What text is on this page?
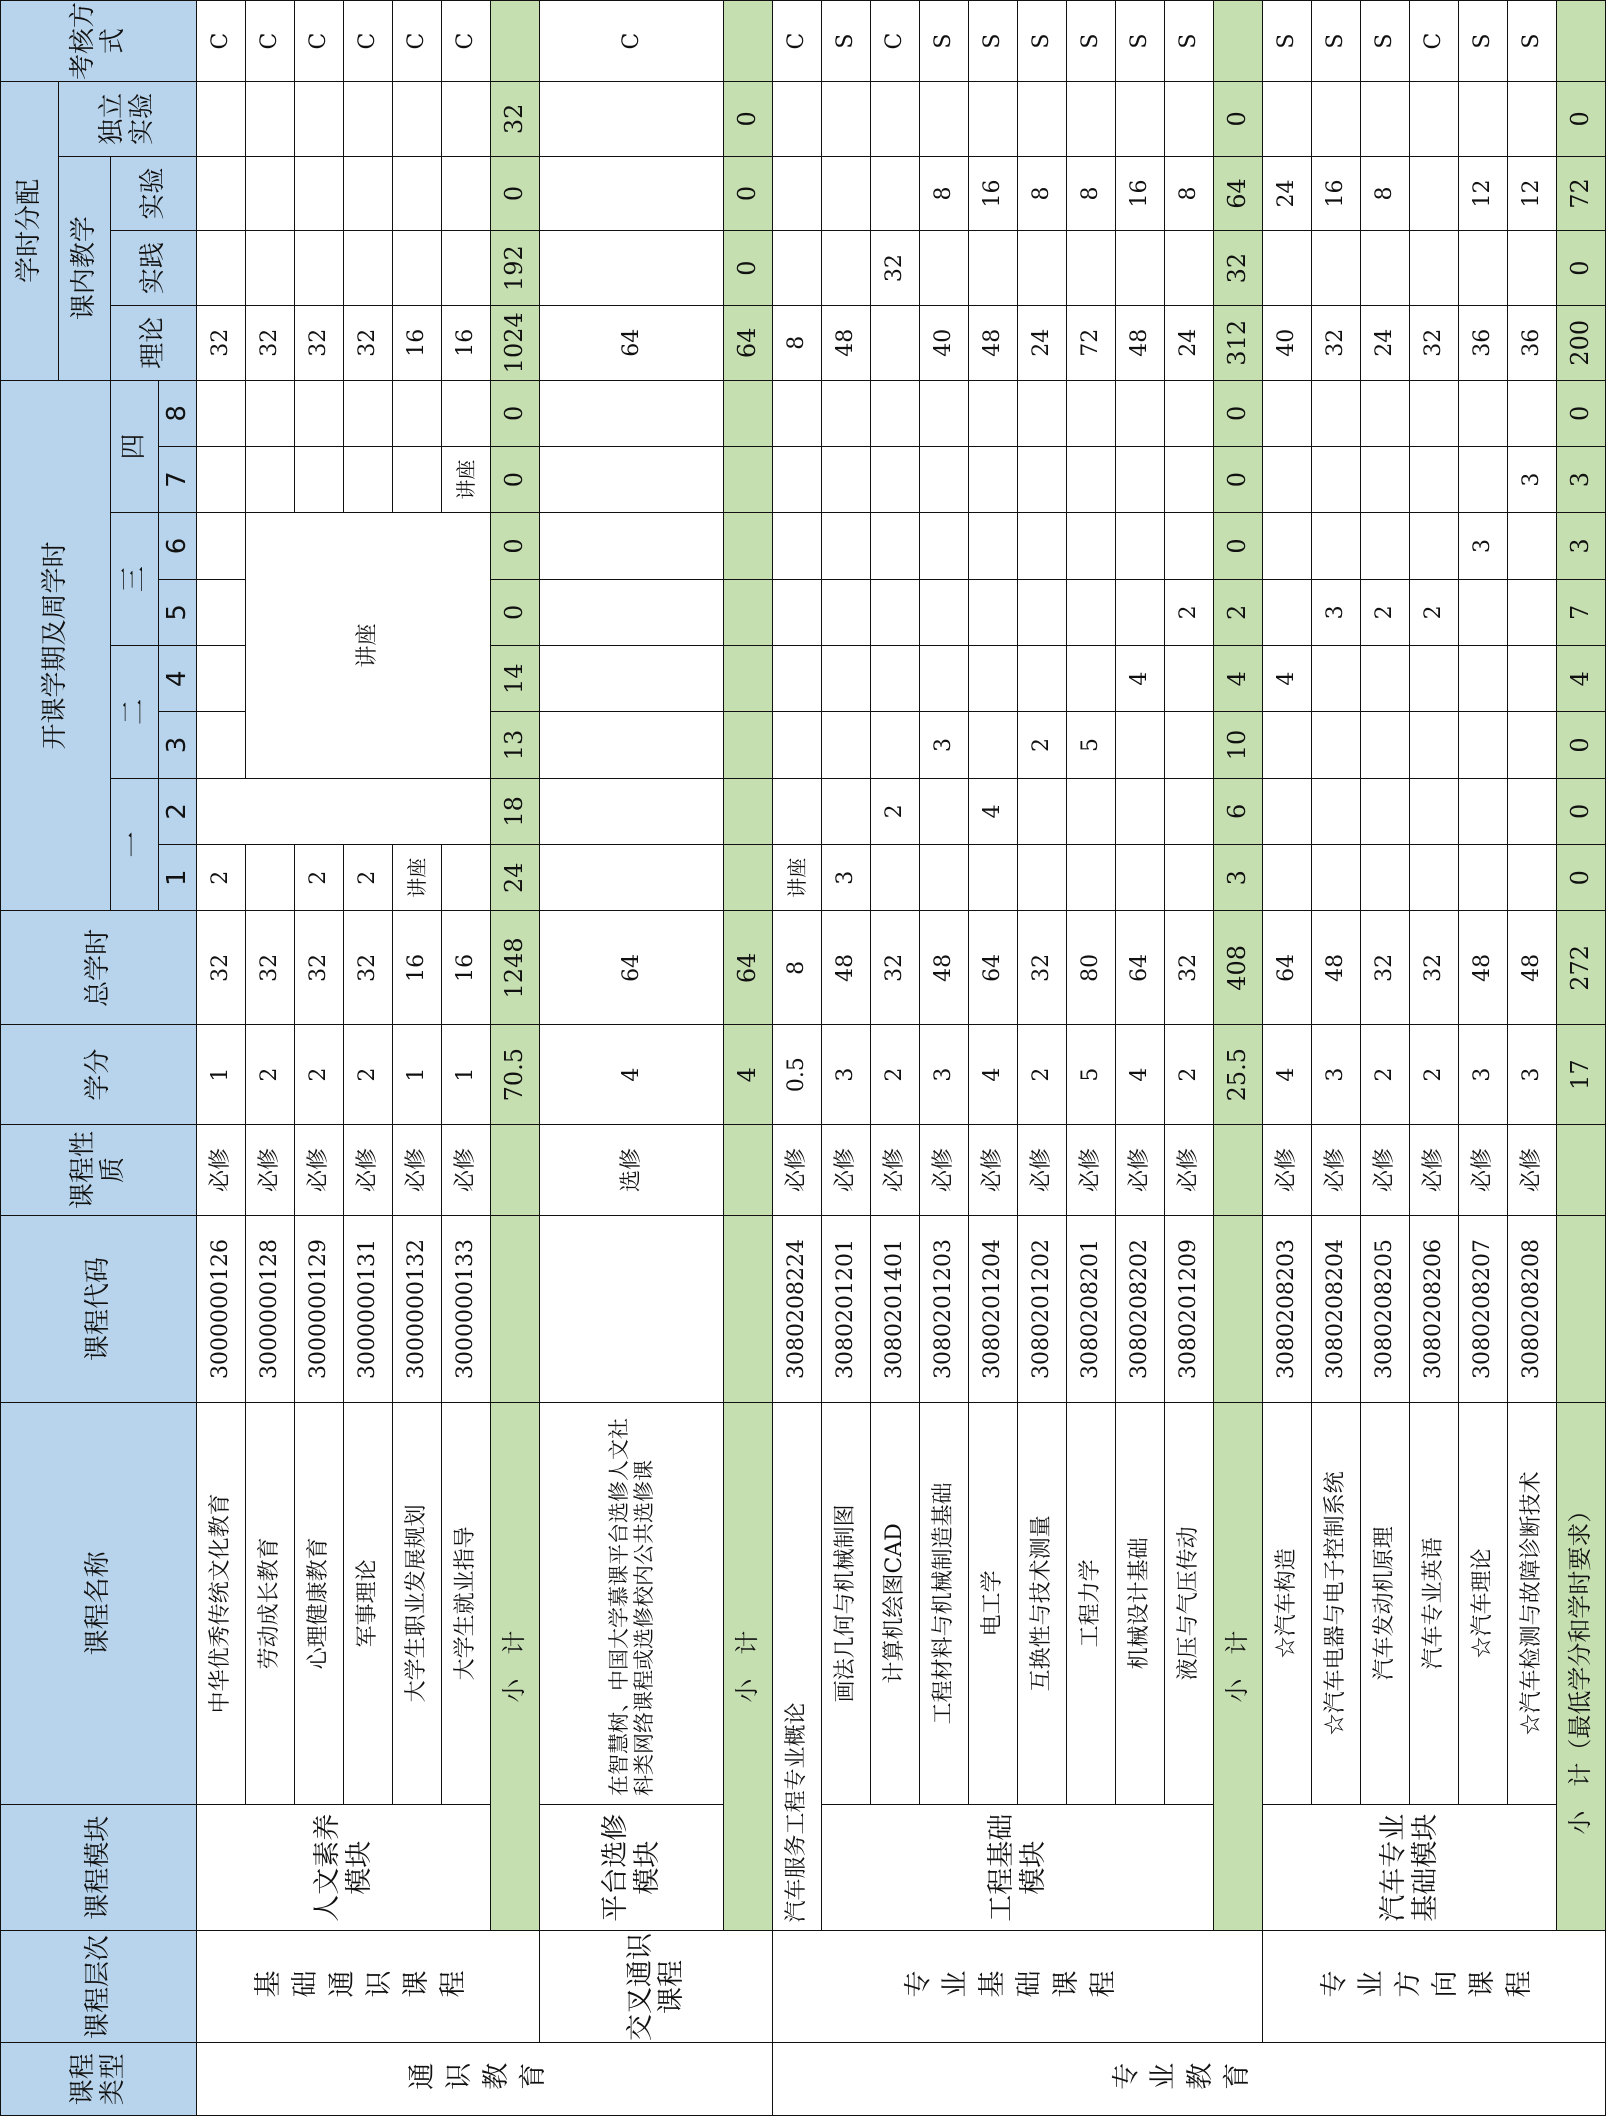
课程类型	课程层次	课程模块	课程名称	课程代码	课程性质	学分	总学时	开课学期及周学时								学时分配				考核方式
																课内教学			独立实验	
								一		二		三		四		理论	实践	实验		
								1	2	3	4	5	6	7	8					
通识教育	基础通识课程	人文素养模块	中华优秀传统文化教育	3000000126	必修	1	32	2								32				C
			劳动成长教育	3000000128	必修	2	32			讲座						32				C
			心理健康教育	3000000129	必修	2	32	2								32				C
			军事理论	3000000131	必修	2	32	2								32				C
			大学生职业发展规划	3000000132	必修	1	16	讲座								16				C
			大学生就业指导	3000000133	必修	1	16							讲座		16				C
		小　计				70.5	1248	24	18	13	14	0	0	0	0	1024	192	0	32	
	交叉通识课程	平台选修模块	在智慧树、中国大学慕课平台选修人文社科类网络课程或选修校内公共选修课		选修	4	64									64				C
		小　计				4	64									64	0	0	0	
专业教育	专业基础课程	汽车服务工程专业概论		3080208224	必修	0.5	8	讲座								8				C
		工程基础模块	画法几何与机械制图	3080201201	必修	3	48	3								48				S
			计算机绘图CAD	3080201401	必修	2	32		2								32			C
			工程材料与机械制造基础	3080201203	必修	3	48			3						40		8		S
			电工学	3080201204	必修	4	64		4							48		16		S
			互换性与技术测量	3080201202	必修	2	32			2						24		8		S
			工程力学	3080208201	必修	5	80			5						72		8		S
			机械设计基础	3080208202	必修	4	64				4					48		16		S
			液压与气压传动	3080201209	必修	2	32					2				24		8		S
		小　计				25.5	408	3	6	10	4	2	0	0	0	312	32	64	0	
	专业方向课程	汽车专业基础模块	☆汽车构造	3080208203	必修	4	64				4					40		24		S
			☆汽车电器与电子控制系统	3080208204	必修	3	48					3				32		16		S
			汽车发动机原理	3080208205	必修	2	32					2				24		8		S
			汽车专业英语	3080208206	必修	2	32					2				32				C
			☆汽车理论	3080208207	必修	3	48						3			36		12		S
			☆汽车检测与故障诊断技术	3080208208	必修	3	48							3		36		12		S
		小　计（最低学分和学时要求）				17	272	0	0	0	4	7	3	3	0	200	0	72	0	
